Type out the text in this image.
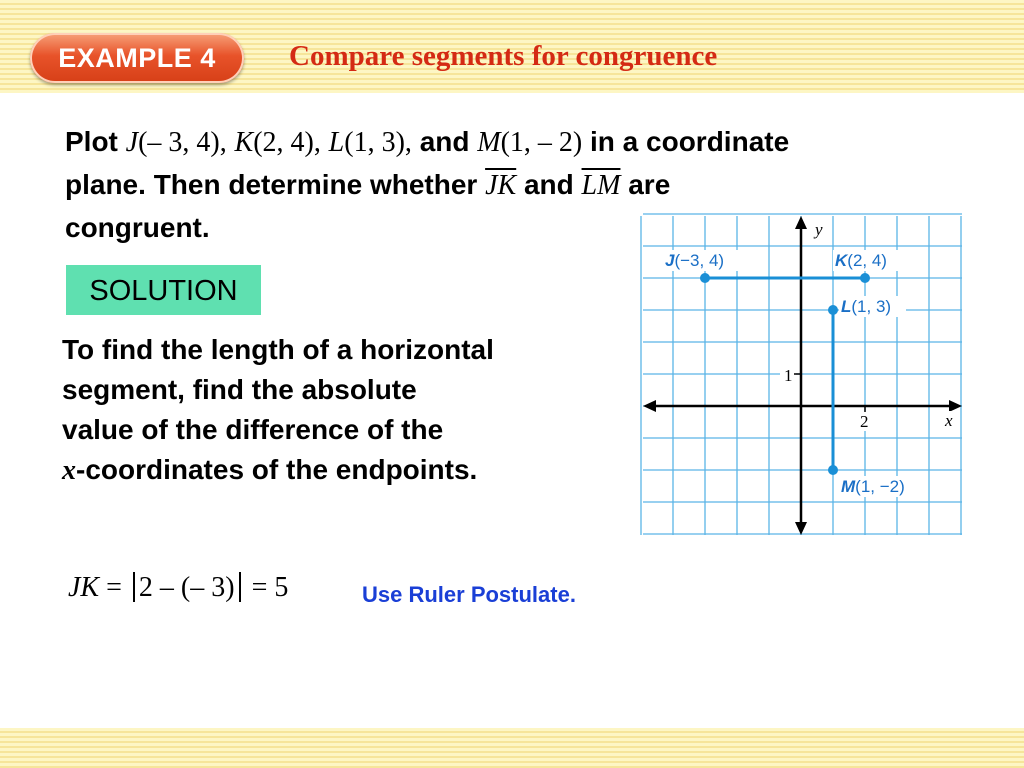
EXAMPLE 4	Compare segments for congruence
Plot J(– 3, 4), K(2, 4), L(1, 3), and M(1, – 2) in a coordinate
plane. Then determine whether $\overline{JK}$ and $\overline{LM}$ are
congruent.
SOLUTION
To find the length of a horizontal
segment, find the absolute
value of the difference of the
x-coordinates of the endpoints.
y
x
1
2
J(−3, 4)	K(2, 4)
L(1, 3)
M(1, −2)
JK = 2 – (– 3) = 5	Use Ruler Postulate.
